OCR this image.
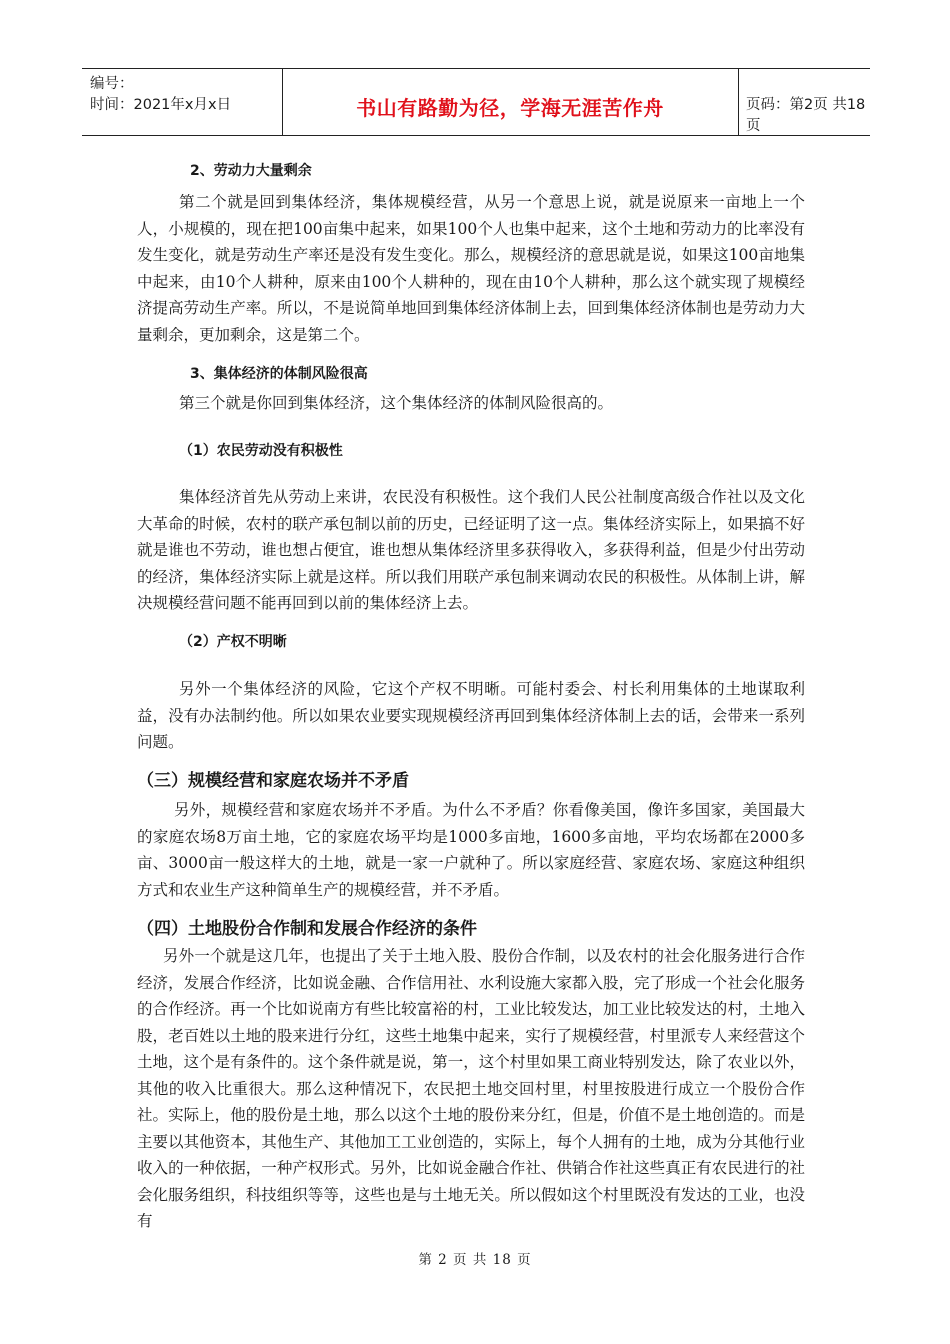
编号：
时间：2021年x月x日	书山有路勤为径，学海无涯苦作舟	页码：第2页 共18页
2、劳动力大量剩余

第二个就是回到集体经济，集体规模经营，从另一个意思上说，就是说原来一亩地上一个人，小规模的，现在把100亩集中起来，如果100个人也集中起来，这个土地和劳动力的比率没有发生变化，就是劳动生产率还是没有发生变化。那么，规模经济的意思就是说，如果这100亩地集中起来，由10个人耕种，原来由100个人耕种的，现在由10个人耕种，那么这个就实现了规模经济提高劳动生产率。所以，不是说简单地回到集体经济体制上去，回到集体经济体制也是劳动力大量剩余，更加剩余，这是第二个。

3、集体经济的体制风险很高

第三个就是你回到集体经济，这个集体经济的体制风险很高的。

（1）农民劳动没有积极性

集体经济首先从劳动上来讲，农民没有积极性。这个我们人民公社制度高级合作社以及文化大革命的时候，农村的联产承包制以前的历史，已经证明了这一点。集体经济实际上，如果搞不好就是谁也不劳动，谁也想占便宜，谁也想从集体经济里多获得收入，多获得利益，但是少付出劳动的经济，集体经济实际上就是这样。所以我们用联产承包制来调动农民的积极性。从体制上讲，解决规模经营问题不能再回到以前的集体经济上去。

（2）产权不明晰

另外一个集体经济的风险，它这个产权不明晰。可能村委会、村长利用集体的土地谋取利益，没有办法制约他。所以如果农业要实现规模经济再回到集体经济体制上去的话，会带来一系列问题。

（三）规模经营和家庭农场并不矛盾

另外，规模经营和家庭农场并不矛盾。为什么不矛盾？你看像美国，像许多国家，美国最大的家庭农场8万亩土地，它的家庭农场平均是1000多亩地，1600多亩地，平均农场都在2000多亩、3000亩一般这样大的土地，就是一家一户就种了。所以家庭经营、家庭农场、家庭这种组织方式和农业生产这种简单生产的规模经营，并不矛盾。

（四）土地股份合作制和发展合作经济的条件

另外一个就是这几年，也提出了关于土地入股、股份合作制，以及农村的社会化服务进行合作经济，发展合作经济，比如说金融、合作信用社、水利设施大家都入股，完了形成一个社会化服务的合作经济。再一个比如说南方有些比较富裕的村，工业比较发达，加工业比较发达的村，土地入股，老百姓以土地的股来进行分红，这些土地集中起来，实行了规模经营，村里派专人来经营这个土地，这个是有条件的。这个条件就是说，第一，这个村里如果工商业特别发达，除了农业以外，其他的收入比重很大。那么这种情况下，农民把土地交回村里，村里按股进行成立一个股份合作社。实际上，他的股份是土地，那么以这个土地的股份来分红，但是，价值不是土地创造的。而是主要以其他资本，其他生产、其他加工工业创造的，实际上，每个人拥有的土地，成为分其他行业收入的一种依据，一种产权形式。另外，比如说金融合作社、供销合作社这些真正有农民进行的社会化服务组织，科技组织等等，这些也是与土地无关。所以假如这个村里既没有发达的工业，也没有

第 2 页 共 18 页
